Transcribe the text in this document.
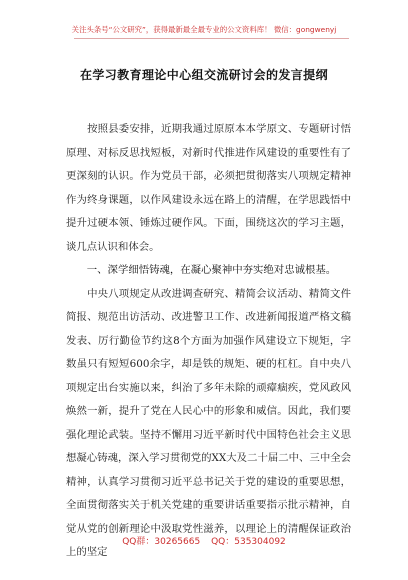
关注头条号“公文研究”，获得最新最全最专业的公文资料库！ 微信：gongwenyj
在学习教育理论中心组交流研讨会的发言提纲

　　按照县委安排，近期我通过原原本本学原文、专题研讨悟原理、对标反思找短板，对新时代推进作风建设的重要性有了更深刻的认识。作为党员干部，必须把贯彻落实八项规定精神作为终身课题，以作风建设永远在路上的清醒，在学思践悟中提升过硬本领、锤炼过硬作风。下面，围绕这次的学习主题，谈几点认识和体会。

　　一、深学细悟铸魂，在凝心聚神中夯实绝对忠诚根基。

　　中央八项规定从改进调查研究、精简会议活动、精简文件简报、规范出访活动、改进警卫工作、改进新闻报道严格文稿发表、厉行勤俭节约这8个方面为加强作风建设立下规矩，字数虽只有短短600余字，却是铁的规矩、硬的杠杠。自中央八项规定出台实施以来，纠治了多年未除的顽瘴痼疾，党风政风焕然一新，提升了党在人民心中的形象和威信。因此，我们要强化理论武装。坚持不懈用习近平新时代中国特色社会主义思想凝心铸魂，深入学习贯彻党的XX大及二十届二中、三中全会精神，认真学习贯彻习近平总书记关于党的建设的重要思想，全面贯彻落实关于机关党建的重要讲话重要指示批示精神，自觉从党的创新理论中汲取党性滋养，以理论上的清醒保证政治上的坚定

QQ群：30265665 QQ：535304092
